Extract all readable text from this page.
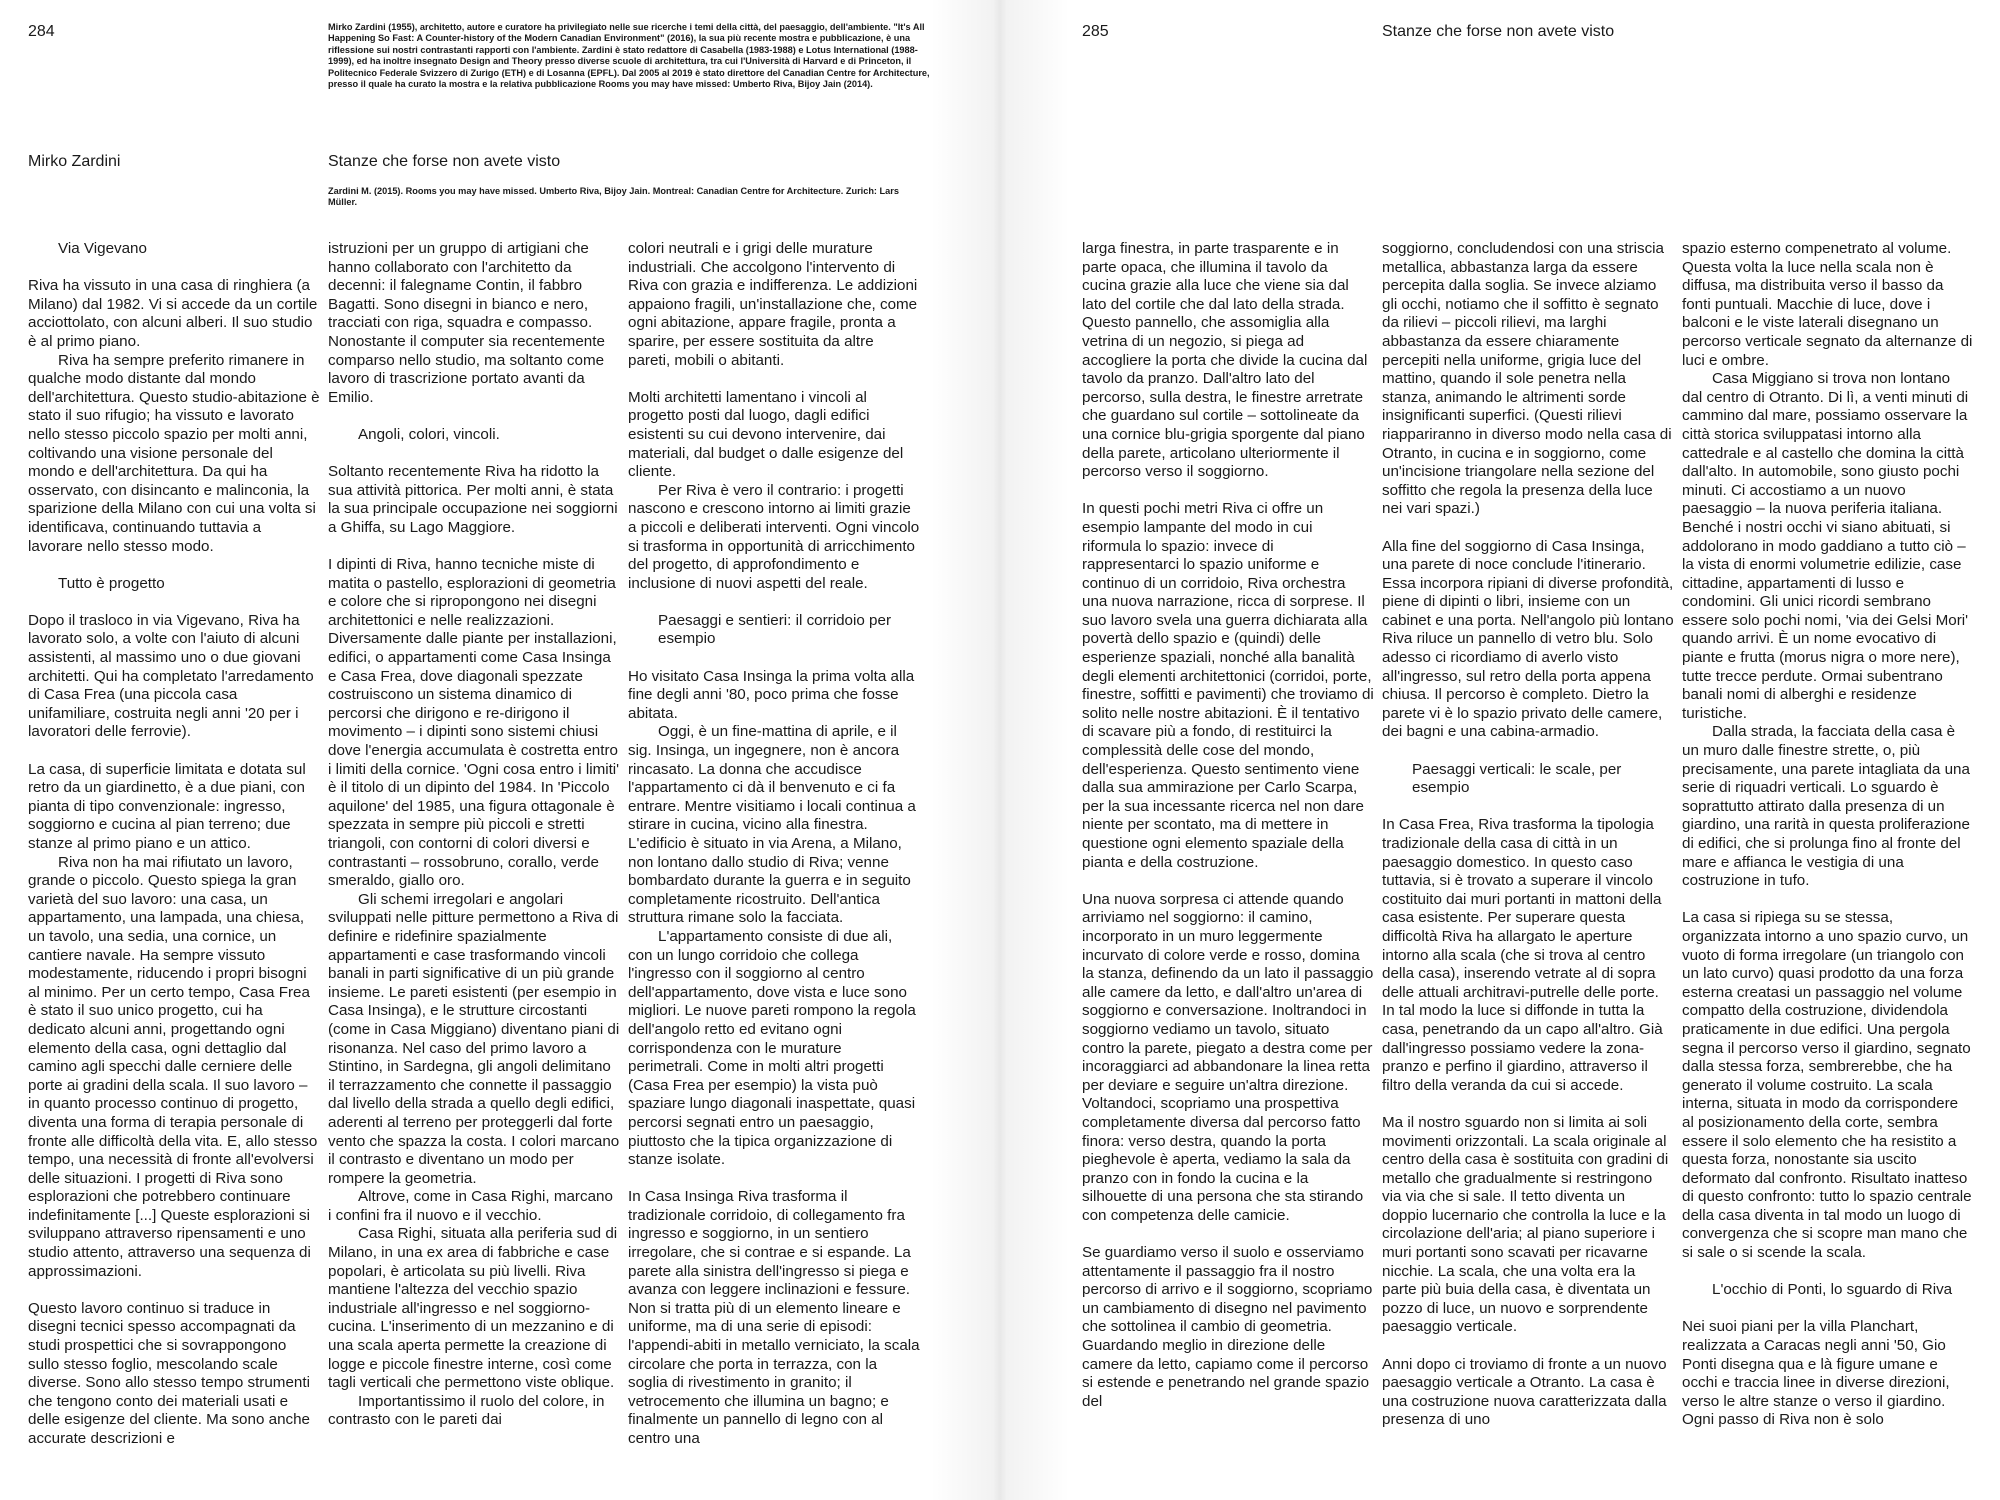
284	Mirko Zardini (1955), architetto, autore e curatore ha privilegiato nelle sue ricerche i temi della città, del paesaggio, dell'ambiente. "It's All Happening So Fast: A Counter-history of the Modern Canadian Environment" (2016), la sua più recente mostra e pubblicazione, è una riflessione sui nostri contrastanti rapporti con l'ambiente. Zardini è stato redattore di Casabella (1983-1988) e Lotus International (1988-1999), ed ha inoltre insegnato Design and Theory presso diverse scuole di architettura, tra cui l'Università di Harvard e di Princeton, il Politecnico Federale Svizzero di Zurigo (ETH) e di Losanna (EPFL). Dal 2005 al 2019 è stato direttore del Canadian Centre for Architecture, presso il quale ha curato la mostra e la relativa pubblicazione Rooms you may have missed: Umberto Riva, Bijoy Jain (2014).

Mirko Zardini	Stanze che forse non avete visto
Zardini M. (2015). Rooms you may have missed. Umberto Riva, Bijoy Jain. Montreal: Canadian Centre for Architecture. Zurich: Lars Müller.

Via Vigevano

Riva ha vissuto in una casa di ringhiera (a Milano) dal 1982. Vi si accede da un cortile acciottolato, con alcuni alberi. Il suo studio è al primo piano.

Riva ha sempre preferito rimanere in qualche modo distante dal mondo dell'architettura. Questo studio-abitazione è stato il suo rifugio; ha vissuto e lavorato nello stesso piccolo spazio per molti anni, coltivando una visione personale del mondo e dell'architettura. Da qui ha osservato, con disincanto e malinconia, la sparizione della Milano con cui una volta si identificava, continuando tuttavia a lavorare nello stesso modo.

Tutto è progetto

Dopo il trasloco in via Vigevano, Riva ha lavorato solo, a volte con l'aiuto di alcuni assistenti, al massimo uno o due giovani architetti. Qui ha completato l'arredamento di Casa Frea (una piccola casa unifamiliare, costruita negli anni '20 per i lavoratori delle ferrovie).

La casa, di superficie limitata e dotata sul retro da un giardinetto, è a due piani, con pianta di tipo convenzionale: ingresso, soggiorno e cucina al pian terreno; due stanze al primo piano e un attico.

Riva non ha mai rifiutato un lavoro, grande o piccolo. Questo spiega la gran varietà del suo lavoro: una casa, un appartamento, una lampada, una chiesa, un tavolo, una sedia, una cornice, un cantiere navale. Ha sempre vissuto modestamente, riducendo i propri bisogni al minimo. Per un certo tempo, Casa Frea è stato il suo unico progetto, cui ha dedicato alcuni anni, progettando ogni elemento della casa, ogni dettaglio dal camino agli specchi dalle cerniere delle porte ai gradini della scala. Il suo lavoro – in quanto processo continuo di progetto, diventa una forma di terapia personale di fronte alle difficoltà della vita. E, allo stesso tempo, una necessità di fronte all'evolversi delle situazioni. I progetti di Riva sono esplorazioni che potrebbero continuare indefinitamente [...] Queste esplorazioni si sviluppano attraverso ripensamenti e uno studio attento, attraverso una sequenza di approssimazioni.

Questo lavoro continuo si traduce in disegni tecnici spesso accompagnati da studi prospettici che si sovrappongono sullo stesso foglio, mescolando scale diverse. Sono allo stesso tempo strumenti che tengono conto dei materiali usati e delle esigenze del cliente. Ma sono anche accurate descrizioni e

istruzioni per un gruppo di artigiani che hanno collaborato con l'architetto da decenni: il falegname Contin, il fabbro Bagatti. Sono disegni in bianco e nero, tracciati con riga, squadra e compasso. Nonostante il computer sia recentemente comparso nello studio, ma soltanto come lavoro di trascrizione portato avanti da Emilio.

Angoli, colori, vincoli.

Soltanto recentemente Riva ha ridotto la sua attività pittorica. Per molti anni, è stata la sua principale occupazione nei soggiorni a Ghiffa, su Lago Maggiore.

I dipinti di Riva, hanno tecniche miste di matita o pastello, esplorazioni di geometria e colore che si ripropongono nei disegni architettonici e nelle realizzazioni. Diversamente dalle piante per installazioni, edifici, o appartamenti come Casa Insinga e Casa Frea, dove diagonali spezzate costruiscono un sistema dinamico di percorsi che dirigono e re-dirigono il movimento – i dipinti sono sistemi chiusi dove l'energia accumulata è costretta entro i limiti della cornice. 'Ogni cosa entro i limiti' è il titolo di un dipinto del 1984. In 'Piccolo aquilone' del 1985, una figura ottagonale è spezzata in sempre più piccoli e stretti triangoli, con contorni di colori diversi e contrastanti – rossobruno, corallo, verde smeraldo, giallo oro.

Gli schemi irregolari e angolari sviluppati nelle pitture permettono a Riva di definire e ridefinire spazialmente appartamenti e case trasformando vincoli banali in parti significative di un più grande insieme. Le pareti esistenti (per esempio in Casa Insinga), e le strutture circostanti (come in Casa Miggiano) diventano piani di risonanza. Nel caso del primo lavoro a Stintino, in Sardegna, gli angoli delimitano il terrazzamento che connette il passaggio dal livello della strada a quello degli edifici, aderenti al terreno per proteggerli dal forte vento che spazza la costa. I colori marcano il contrasto e diventano un modo per rompere la geometria.

Altrove, come in Casa Righi, marcano i confini fra il nuovo e il vecchio.

Casa Righi, situata alla periferia sud di Milano, in una ex area di fabbriche e case popolari, è articolata su più livelli. Riva mantiene l'altezza del vecchio spazio industriale all'ingresso e nel soggiorno-cucina. L'inserimento di un mezzanino e di una scala aperta permette la creazione di logge e piccole finestre interne, così come tagli verticali che permettono viste oblique.

Importantissimo il ruolo del colore, in contrasto con le pareti dai

colori neutrali e i grigi delle murature industriali. Che accolgono l'intervento di Riva con grazia e indifferenza. Le addizioni appaiono fragili, un'installazione che, come ogni abitazione, appare fragile, pronta a sparire, per essere sostituita da altre pareti, mobili o abitanti.

Molti architetti lamentano i vincoli al progetto posti dal luogo, dagli edifici esistenti su cui devono intervenire, dai materiali, dal budget o dalle esigenze del cliente.

Per Riva è vero il contrario: i progetti nascono e crescono intorno ai limiti grazie a piccoli e deliberati interventi. Ogni vincolo si trasforma in opportunità di arricchimento del progetto, di approfondimento e inclusione di nuovi aspetti del reale.

Paesaggi e sentieri: il corridoio per esempio

Ho visitato Casa Insinga la prima volta alla fine degli anni '80, poco prima che fosse abitata.

Oggi, è un fine-mattina di aprile, e il sig. Insinga, un ingegnere, non è ancora rincasato. La donna che accudisce l'appartamento ci dà il benvenuto e ci fa entrare. Mentre visitiamo i locali continua a stirare in cucina, vicino alla finestra. L'edificio è situato in via Arena, a Milano, non lontano dallo studio di Riva; venne bombardato durante la guerra e in seguito completamente ricostruito. Dell'antica struttura rimane solo la facciata.

L'appartamento consiste di due ali, con un lungo corridoio che collega l'ingresso con il soggiorno al centro dell'appartamento, dove vista e luce sono migliori. Le nuove pareti rompono la regola dell'angolo retto ed evitano ogni corrispondenza con le murature perimetrali. Come in molti altri progetti (Casa Frea per esempio) la vista può spaziare lungo diagonali inaspettate, quasi percorsi segnati entro un paesaggio, piuttosto che la tipica organizzazione di stanze isolate.

In Casa Insinga Riva trasforma il tradizionale corridoio, di collegamento fra ingresso e soggiorno, in un sentiero irregolare, che si contrae e si espande. La parete alla sinistra dell'ingresso si piega e avanza con leggere inclinazioni e fessure. Non si tratta più di un elemento lineare e uniforme, ma di una serie di episodi: l'appendi-abiti in metallo verniciato, la scala circolare che porta in terrazza, con la soglia di rivestimento in granito; il vetrocemento che illumina un bagno; e finalmente un pannello di legno con al centro una

285	Stanze che forse non avete visto

larga finestra, in parte trasparente e in parte opaca, che illumina il tavolo da cucina grazie alla luce che viene sia dal lato del cortile che dal lato della strada. Questo pannello, che assomiglia alla vetrina di un negozio, si piega ad accogliere la porta che divide la cucina dal tavolo da pranzo. Dall'altro lato del percorso, sulla destra, le finestre arretrate che guardano sul cortile – sottolineate da una cornice blu-grigia sporgente dal piano della parete, articolano ulteriormente il percorso verso il soggiorno.

In questi pochi metri Riva ci offre un esempio lampante del modo in cui riformula lo spazio: invece di rappresentarci lo spazio uniforme e continuo di un corridoio, Riva orchestra una nuova narrazione, ricca di sorprese. Il suo lavoro svela una guerra dichiarata alla povertà dello spazio e (quindi) delle esperienze spaziali, nonché alla banalità degli elementi architettonici (corridoi, porte, finestre, soffitti e pavimenti) che troviamo di solito nelle nostre abitazioni. È il tentativo di scavare più a fondo, di restituirci la complessità delle cose del mondo, dell'esperienza. Questo sentimento viene dalla sua ammirazione per Carlo Scarpa, per la sua incessante ricerca nel non dare niente per scontato, ma di mettere in questione ogni elemento spaziale della pianta e della costruzione.

Una nuova sorpresa ci attende quando arriviamo nel soggiorno: il camino, incorporato in un muro leggermente incurvato di colore verde e rosso, domina la stanza, definendo da un lato il passaggio alle camere da letto, e dall'altro un'area di soggiorno e conversazione. Inoltrandoci in soggiorno vediamo un tavolo, situato contro la parete, piegato a destra come per incoraggiarci ad abbandonare la linea retta per deviare e seguire un'altra direzione. Voltandoci, scopriamo una prospettiva completamente diversa dal percorso fatto finora: verso destra, quando la porta pieghevole è aperta, vediamo la sala da pranzo con in fondo la cucina e la silhouette di una persona che sta stirando con competenza delle camicie.

Se guardiamo verso il suolo e osserviamo attentamente il passaggio fra il nostro percorso di arrivo e il soggiorno, scopriamo un cambiamento di disegno nel pavimento che sottolinea il cambio di geometria. Guardando meglio in direzione delle camere da letto, capiamo come il percorso si estende e penetrando nel grande spazio del

soggiorno, concludendosi con una striscia metallica, abbastanza larga da essere percepita dalla soglia. Se invece alziamo gli occhi, notiamo che il soffitto è segnato da rilievi – piccoli rilievi, ma larghi abbastanza da essere chiaramente percepiti nella uniforme, grigia luce del mattino, quando il sole penetra nella stanza, animando le altrimenti sorde insignificanti superfici. (Questi rilievi riappariranno in diverso modo nella casa di Otranto, in cucina e in soggiorno, come un'incisione triangolare nella sezione del soffitto che regola la presenza della luce nei vari spazi.)

Alla fine del soggiorno di Casa Insinga, una parete di noce conclude l'itinerario. Essa incorpora ripiani di diverse profondità, piene di dipinti o libri, insieme con un cabinet e una porta. Nell'angolo più lontano Riva riluce un pannello di vetro blu. Solo adesso ci ricordiamo di averlo visto all'ingresso, sul retro della porta appena chiusa. Il percorso è completo. Dietro la parete vi è lo spazio privato delle camere, dei bagni e una cabina-armadio.

Paesaggi verticali: le scale, per esempio

In Casa Frea, Riva trasforma la tipologia tradizionale della casa di città in un paesaggio domestico. In questo caso tuttavia, si è trovato a superare il vincolo costituito dai muri portanti in mattoni della casa esistente. Per superare questa difficoltà Riva ha allargato le aperture intorno alla scala (che si trova al centro della casa), inserendo vetrate al di sopra delle attuali architravi-putrelle delle porte. In tal modo la luce si diffonde in tutta la casa, penetrando da un capo all'altro. Già dall'ingresso possiamo vedere la zona-pranzo e perfino il giardino, attraverso il filtro della veranda da cui si accede.

Ma il nostro sguardo non si limita ai soli movimenti orizzontali. La scala originale al centro della casa è sostituita con gradini di metallo che gradualmente si restringono via via che si sale. Il tetto diventa un doppio lucernario che controlla la luce e la circolazione dell'aria; al piano superiore i muri portanti sono scavati per ricavarne nicchie. La scala, che una volta era la parte più buia della casa, è diventata un pozzo di luce, un nuovo e sorprendente paesaggio verticale.

Anni dopo ci troviamo di fronte a un nuovo paesaggio verticale a Otranto. La casa è una costruzione nuova caratterizzata dalla presenza di uno

spazio esterno compenetrato al volume. Questa volta la luce nella scala non è diffusa, ma distribuita verso il basso da fonti puntuali. Macchie di luce, dove i balconi e le viste laterali disegnano un percorso verticale segnato da alternanze di luci e ombre.

Casa Miggiano si trova non lontano dal centro di Otranto. Di lì, a venti minuti di cammino dal mare, possiamo osservare la città storica sviluppatasi intorno alla cattedrale e al castello che domina la città dall'alto. In automobile, sono giusto pochi minuti. Ci accostiamo a un nuovo paesaggio – la nuova periferia italiana. Benché i nostri occhi vi siano abituati, si addolorano in modo gaddiano a tutto ciò – la vista di enormi volumetrie edilizie, case cittadine, appartamenti di lusso e condomini. Gli unici ricordi sembrano essere solo pochi nomi, 'via dei Gelsi Mori' quando arrivi. È un nome evocativo di piante e frutta (morus nigra o more nere), tutte trecce perdute. Ormai subentrano banali nomi di alberghi e residenze turistiche.

Dalla strada, la facciata della casa è un muro dalle finestre strette, o, più precisamente, una parete intagliata da una serie di riquadri verticali. Lo sguardo è soprattutto attirato dalla presenza di un giardino, una rarità in questa proliferazione di edifici, che si prolunga fino al fronte del mare e affianca le vestigia di una costruzione in tufo.

La casa si ripiega su se stessa, organizzata intorno a uno spazio curvo, un vuoto di forma irregolare (un triangolo con un lato curvo) quasi prodotto da una forza esterna creatasi un passaggio nel volume compatto della costruzione, dividendola praticamente in due edifici. Una pergola segna il percorso verso il giardino, segnato dalla stessa forza, sembrerebbe, che ha generato il volume costruito. La scala interna, situata in modo da corrispondere al posizionamento della corte, sembra essere il solo elemento che ha resistito a questa forza, nonostante sia uscito deformato dal confronto. Risultato inatteso di questo confronto: tutto lo spazio centrale della casa diventa in tal modo un luogo di convergenza che si scopre man mano che si sale o si scende la scala.

L'occhio di Ponti, lo sguardo di Riva

Nei suoi piani per la villa Planchart, realizzata a Caracas negli anni '50, Gio Ponti disegna qua e là figure umane e occhi e traccia linee in diverse direzioni, verso le altre stanze o verso il giardino. Ogni passo di Riva non è solo
